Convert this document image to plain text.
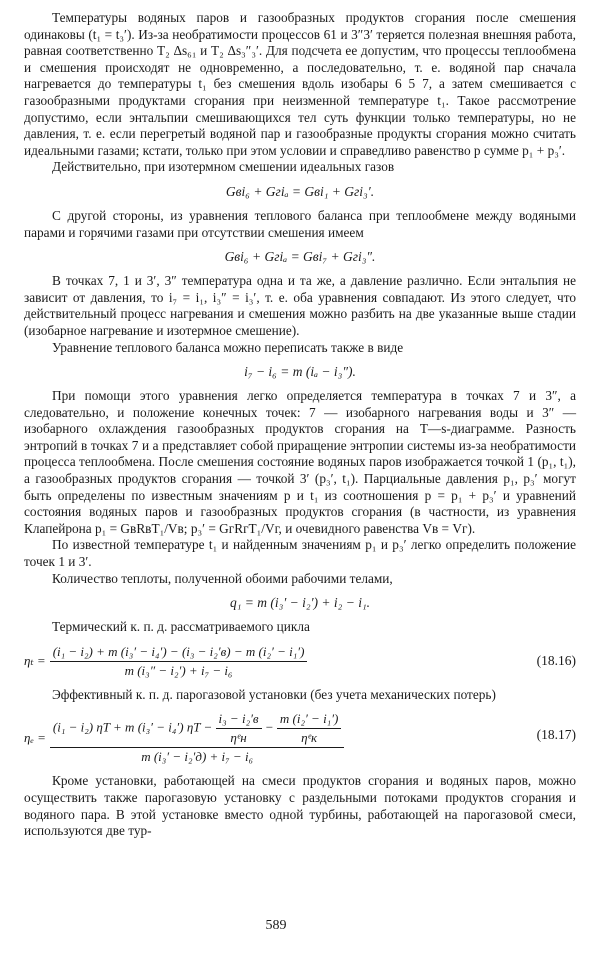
Температуры водяных паров и газообразных продуктов сгорания после смешения одинаковы (t₁ = t₃′). Из-за необратимости процессов 61 и 3″3′ теряется полезная внешняя работа, равная соответственно T₂ Δs₆₁ и T₂ Δs₃″₃′. Для подсчета ее допустим, что процессы теплообмена и смешения происходят не одновременно, а последовательно, т. е. водяной пар сначала нагревается до температуры t₁ без смешения вдоль изобары 6 5 7, а затем смешивается с газообразными продуктами сгорания при неизменной температуре t₁. Такое рассмотрение допустимо, если энтальпии смешивающихся тел суть функции только температуры, но не давления, т. е. если перегретый водяной пар и газообразные продукты сгорания можно считать идеальными газами; кстати, только при этом условии и справедливо равенство p сумме p₁ + p₃′.

Действительно, при изотермном смешении идеальных газов

Gвi₆ + Gгiₐ = Gвi₁ + Gгi₃′.

С другой стороны, из уравнения теплового баланса при теплообмене между водяными парами и горячими газами при отсутствии смешения имеем

Gвi₆ + Gгiₐ = Gвi₇ + Gгi₃″.

В точках 7, 1 и 3′, 3″ температура одна и та же, а давление различно. Если энтальпия не зависит от давления, то i₇ = i₁, i₃″ = i₃′, т. е. оба уравнения совпадают. Из этого следует, что действительный процесс нагревания и смешения можно разбить на две указанные выше стадии (изобарное нагревание и изотермное смешение).

Уравнение теплового баланса можно переписать также в виде

i₇ − i₆ = m (iₐ − i₃″).

При помощи этого уравнения легко определяется температура в точках 7 и 3″, а следовательно, и положение конечных точек: 7 — изобарного нагревания воды и 3″ — изобарного охлаждения газообразных продуктов сгорания на T—s-диаграмме. Разность энтропий в точках 7 и a представляет собой приращение энтропии системы из-за необратимости процесса теплообмена. После смешения состояние водяных паров изображается точкой 1 (p₁, t₁), а газообразных продуктов сгорания — точкой 3′ (p₃′, t₁). Парциальные давления p₁, p₃′ могут быть определены по известным значениям p и t₁ из соотношения p = p₁ + p₃′ и уравнений состояния водяных паров и газообразных продуктов сгорания (в частности, из уравнения Клапейрона p₁ = GвRвT₁/Vв; p₃′ = GгRгT₁/Vг, и очевидного равенства Vв = Vг).

По известной температуре t₁ и найденным значениям p₁ и p₃′ легко определить положение точек 1 и 3′.

Количество теплоты, полученной обоими рабочими телами,

q₁ = m (i₃′ − i₂′) + i₂ − i₁.

Термический к. п. д. рассматриваемого цикла

$\eta_t = \frac{\text{(i₁ − i₂) + m (i₃′ − i₄′) − (i₃ − i₂′в) − m (i₂′ − i₁′)}}{\text{m (i₃″ − i₂′) + i₇ − i₆}}$	(18.16)

Эффективный к. п. д. парогазовой установки (без учета механических потерь)

ηₑ =
(i₁ − i₂) ηT + m (i₃′ − i₄′) $\eta T - \frac{\text{i₃ − i₂′в}}{\text{ηᵉн}} - \frac{\text{m (i₂′ − i₁′)}}{\text{ηᵉк}}$
m (i₃′ − i₂′д) + i₇ − i₆
(18.17)

Кроме установки, работающей на смеси продуктов сгорания и водяных паров, можно осуществить также парогазовую установку с раздельными потоками продуктов сгорания и водяного пара. В этой установке вместо одной турбины, работающей на парогазовой смеси, используются две тур-

589
